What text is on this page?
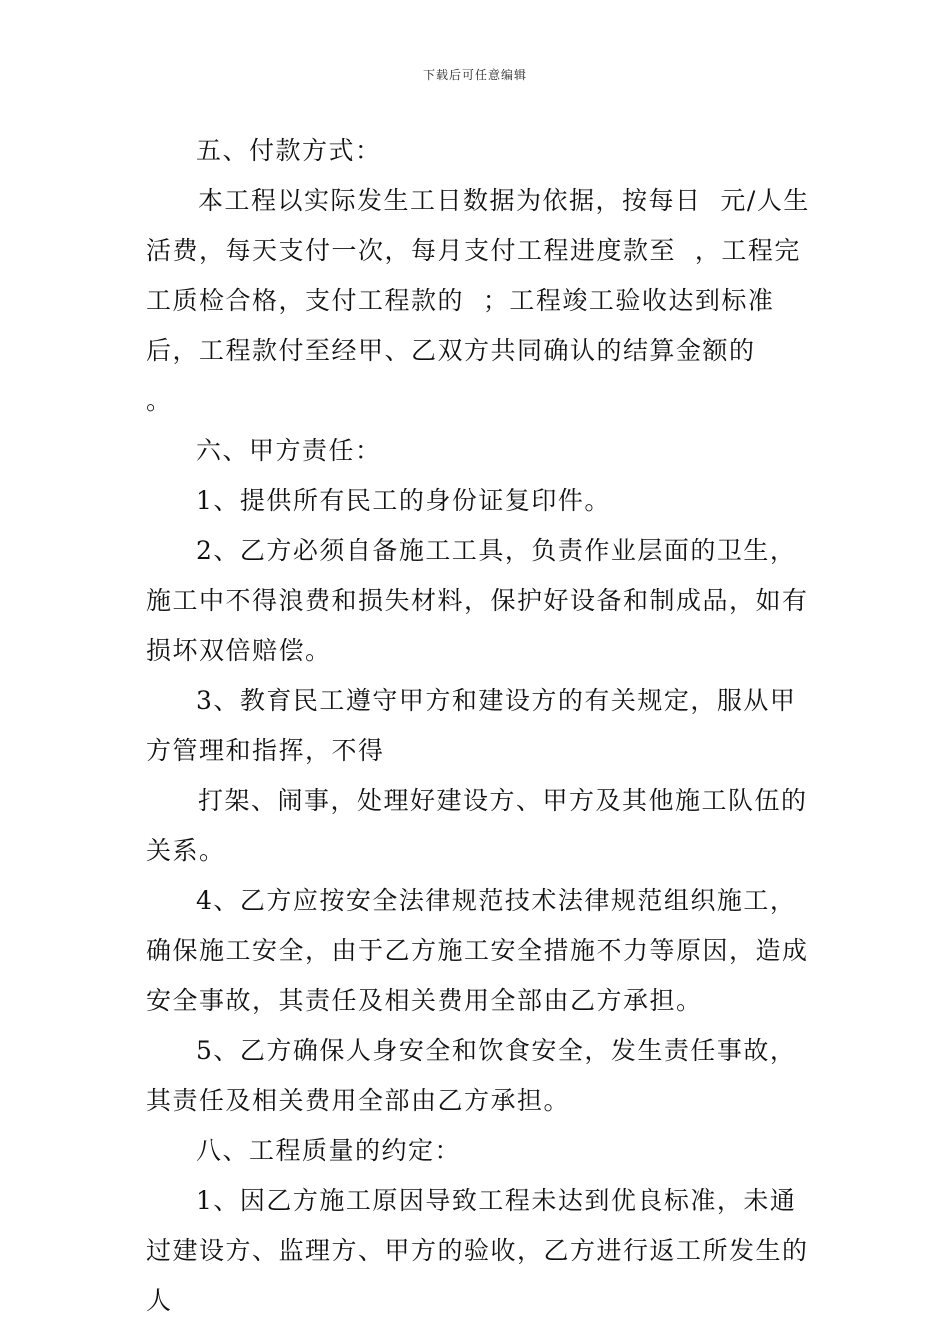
下载后可任意编辑

五、付款方式：

本工程以实际发生工日数据为依据，按每日  元/人生活费，每天支付一次，每月支付工程进度款至  ，工程完工质检合格，支付工程款的  ；工程竣工验收达到标准后，工程款付至经甲、乙双方共同确认的结算金额的      。

六、甲方责任：

1、提供所有民工的身份证复印件。

2、乙方必须自备施工工具，负责作业层面的卫生，施工中不得浪费和损失材料，保护好设备和制成品，如有损坏双倍赔偿。

3、教育民工遵守甲方和建设方的有关规定，服从甲方管理和指挥，不得

打架、闹事，处理好建设方、甲方及其他施工队伍的关系。

4、乙方应按安全法律规范技术法律规范组织施工，确保施工安全，由于乙方施工安全措施不力等原因，造成安全事故，其责任及相关费用全部由乙方承担。

5、乙方确保人身安全和饮食安全，发生责任事故，其责任及相关费用全部由乙方承担。

八、工程质量的约定：

1、因乙方施工原因导致工程未达到优良标准，未通过建设方、监理方、甲方的验收，乙方进行返工所发生的人
